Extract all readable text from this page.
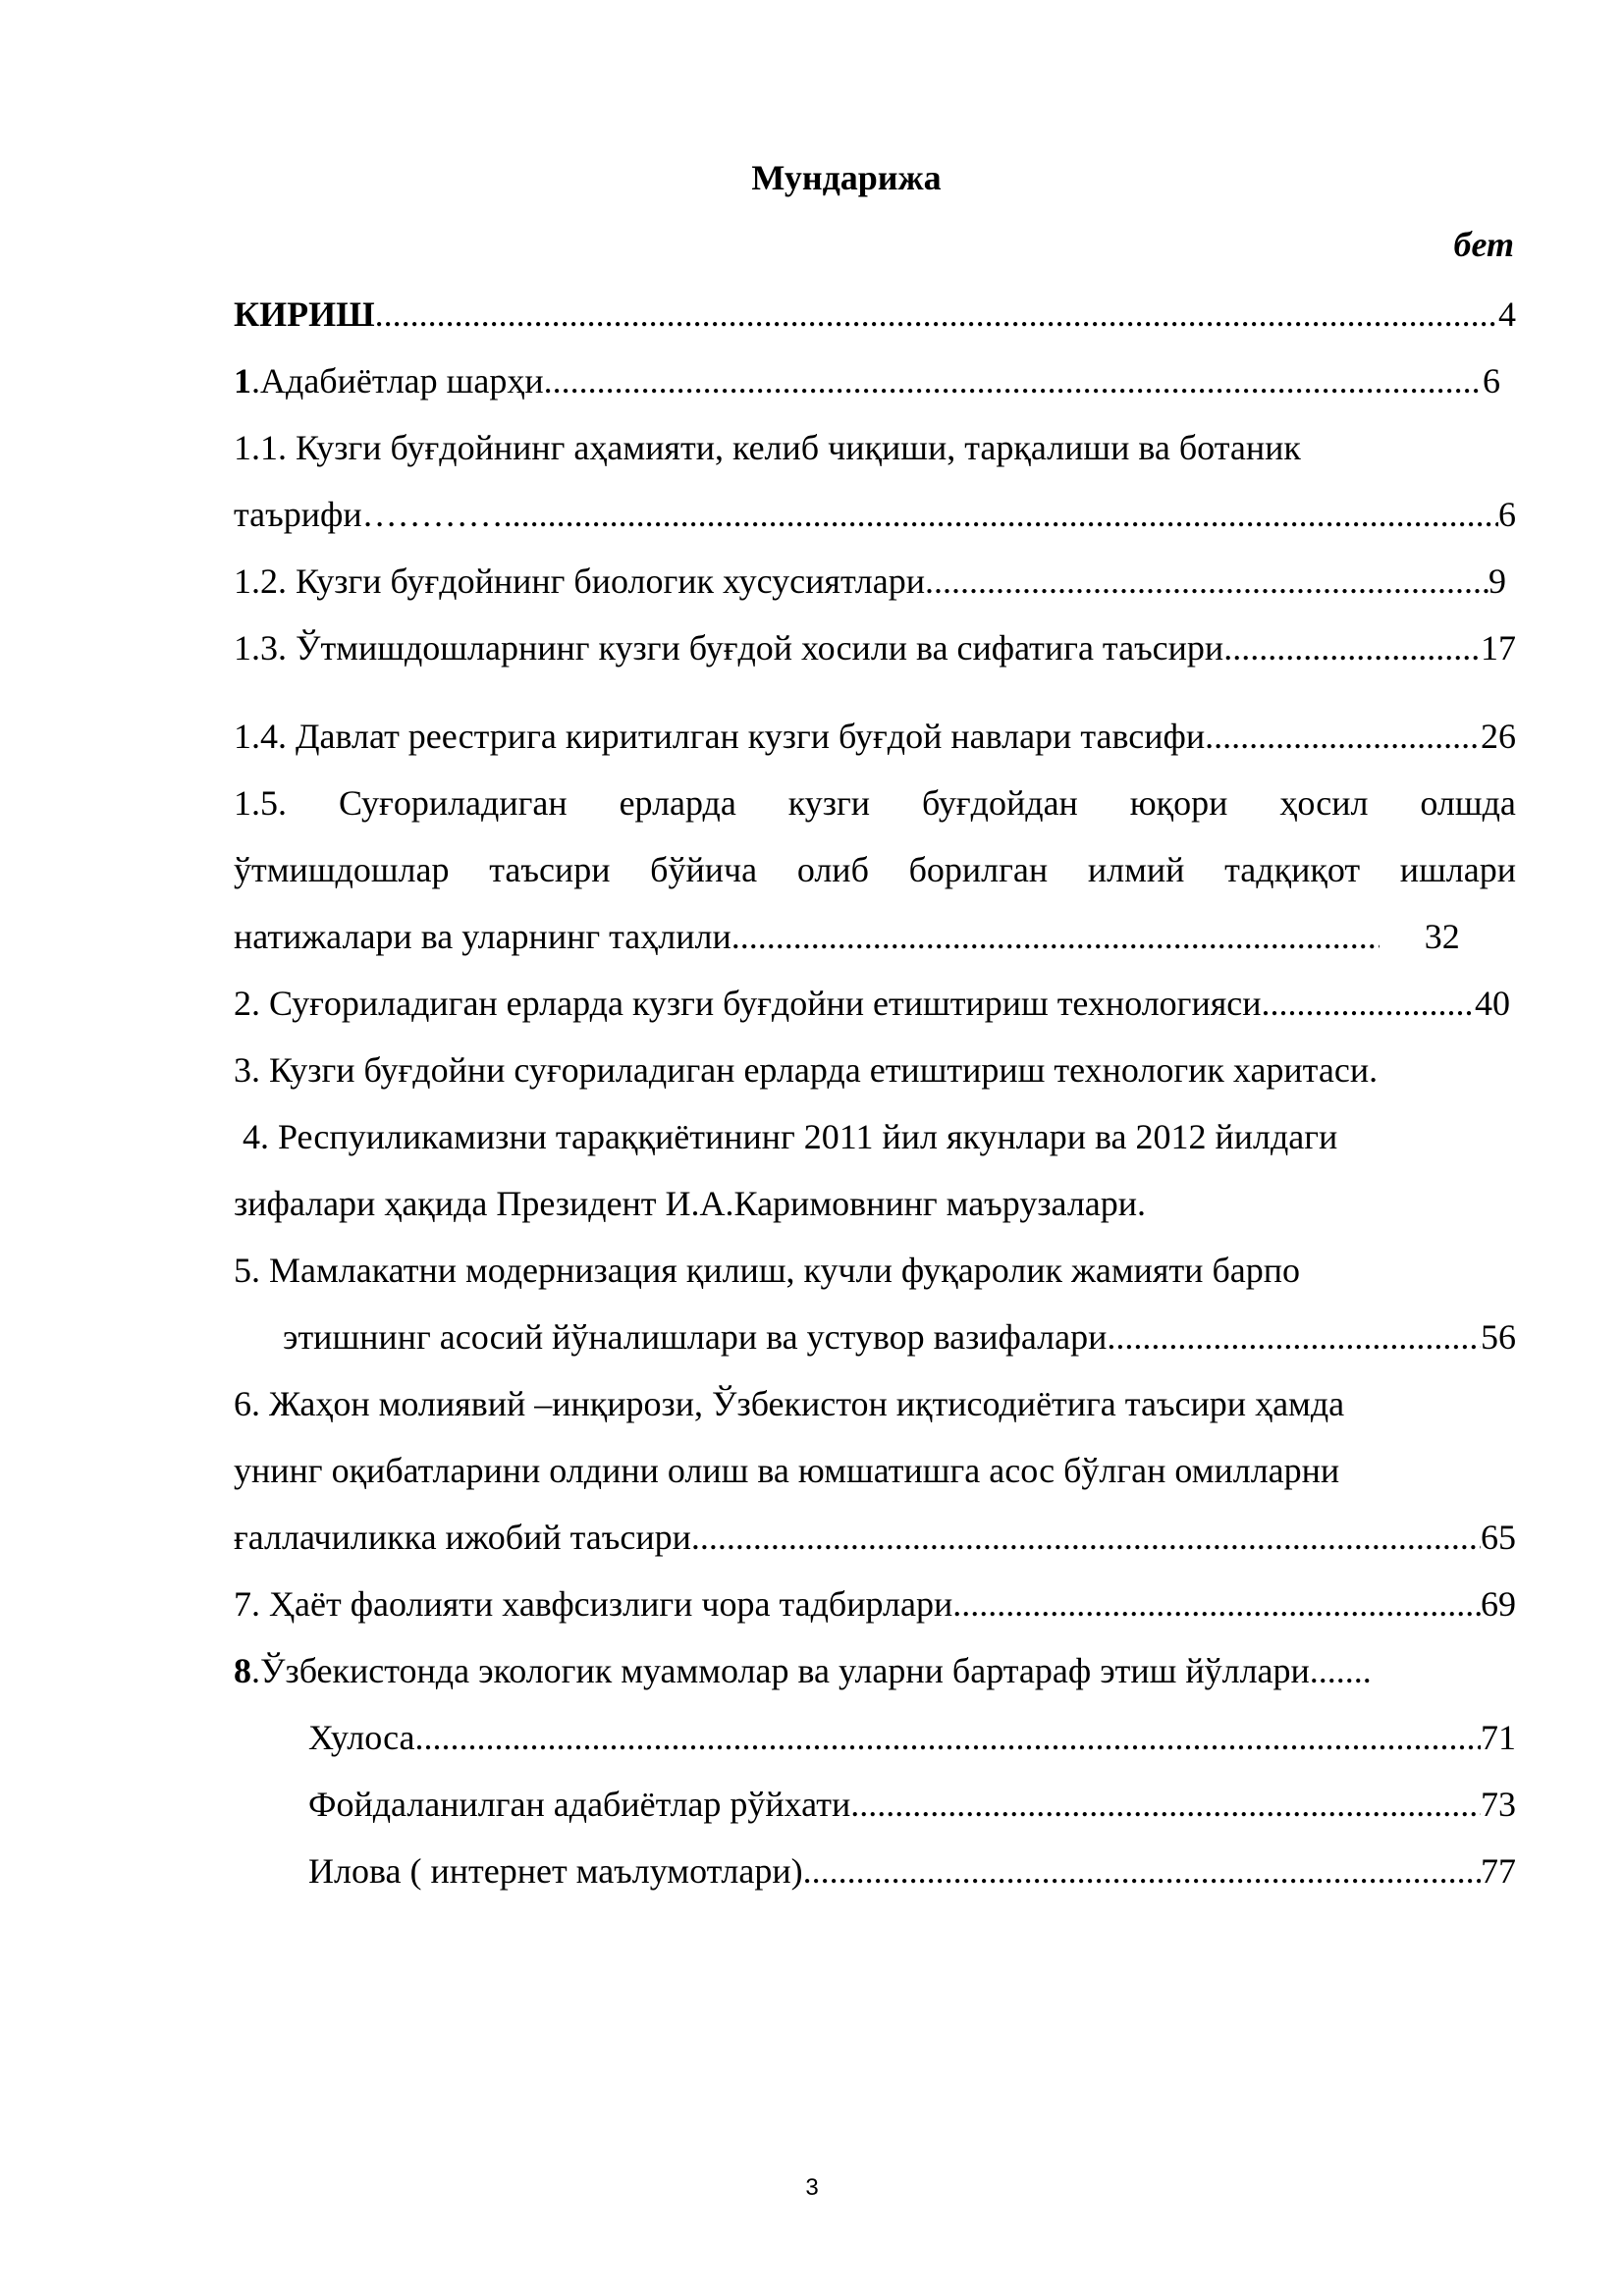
Мундарижа
бет
КИРИШ .....	4
1.Адабиётлар шарҳи .....	6
1.1. Кузги буғдойнинг аҳамияти, келиб чиқиши, тарқалиши ва ботаник
таърифи………… .....	6
1.2. Кузги буғдойнинг биологик хусусиятлари .....	9
1.3. Ўтмишдошларнинг кузги буғдой хосили ва сифатига таъсири .....	17
1.4. Давлат реестрига киритилган кузги буғдой навлари тавсифи .....	26
1.5. Суғориладиган ерларда кузги буғдойдан юқори ҳосил олшда
ўтмишдошлар таъсири бўйича олиб борилган илмий тадқиқот ишлари
натижалари ва уларнинг таҳлили .....	32
2. Суғориладиган ерларда кузги буғдойни етиштириш технологияси .....	40
3. Кузги буғдойни суғориладиган ерларда етиштириш технологик харитаси.
4. Респуиликамизни тараққиётининг 2011 йил якунлари ва 2012 йилдаги
зифалари ҳақида Президент И.А.Каримовнинг маърузалари.
5. Мамлакатни модернизация қилиш, кучли фуқаролик жамияти барпо
этишнинг асосий йўналишлари ва устувор вазифалари .....	56
6. Жаҳон молиявий –инқирози, Ўзбекистон иқтисодиётига таъсири ҳамда
унинг оқибатларини олдини олиш ва юмшатишга асос бўлган омилларни
ғаллачиликка ижобий таъсири .....	65
7. Ҳаёт фаолияти хавфсизлиги чора тадбирлари .....	69
8.Ўзбекистонда экологик муаммолар ва уларни бартараф этиш йўллари.......
Хулоса .....	71
Фойдаланилган адабиётлар рўйхати .....	73
Илова ( интернет маълумотлари) .....	77
3
